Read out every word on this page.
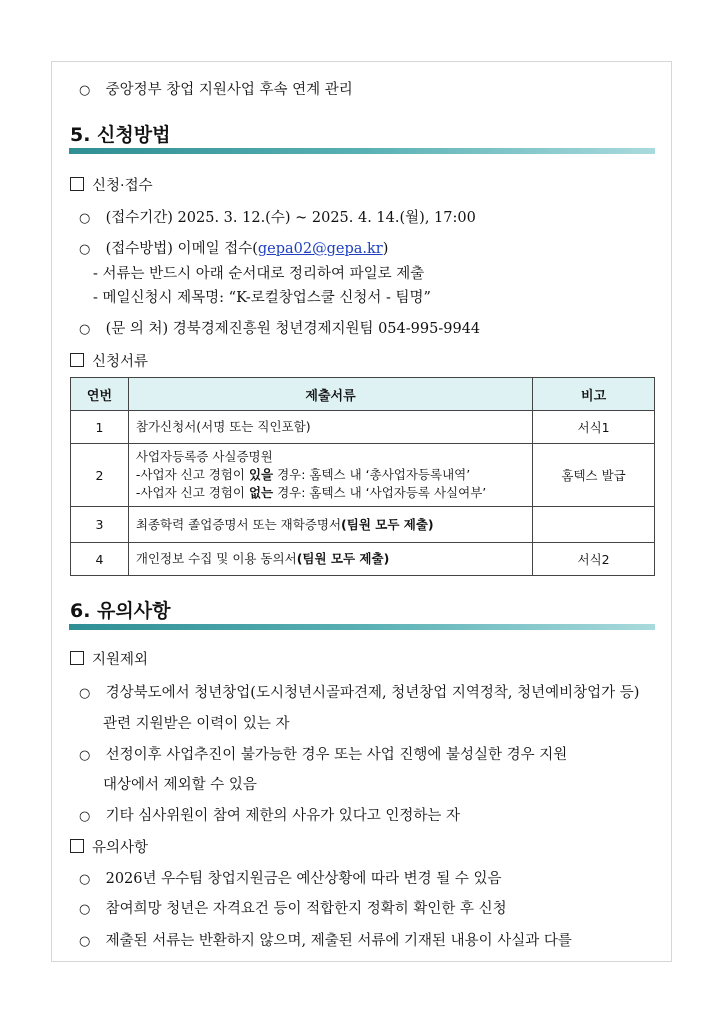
○ 중앙정부 창업 지원사업 후속 연계 관리
5. 신청방법
신청·접수
○ (접수기간) 2025. 3. 12.(수) ~ 2025. 4. 14.(월), 17:00
○ (접수방법) 이메일 접수(gepa02@gepa.kr)
- 서류는 반드시 아래 순서대로 정리하여 파일로 제출
- 메일신청시 제목명: “K-로컬창업스쿨 신청서 - 팀명”
○ (문 의 처) 경북경제진흥원 청년경제지원팀 054-995-9944
신청서류
연번	제출서류	비고
1	참가신청서(서명 또는 직인포함)	서식1
2	사업자등록증 사실증명원
-사업자 신고 경험이 있을 경우: 홈텍스 내 ‘총사업자등록내역’
-사업자 신고 경험이 없는 경우: 홈텍스 내 ‘사업자등록 사실여부’	홈텍스 발급
3	최종학력 졸업증명서 또는 재학증명서(팀원 모두 제출)	
4	개인정보 수집 및 이용 동의서(팀원 모두 제출)	서식2
6. 유의사항
지원제외
○ 경상북도에서 청년창업(도시청년시골파견제, 청년창업 지역정착, 청년예비창업가 등)
관련 지원받은 이력이 있는 자
○ 선정이후 사업추진이 불가능한 경우 또는 사업 진행에 불성실한 경우 지원
대상에서 제외할 수 있음
○ 기타 심사위원이 참여 제한의 사유가 있다고 인정하는 자
유의사항
○ 2026년 우수팀 창업지원금은 예산상황에 따라 변경 될 수 있음
○ 참여희망 청년은 자격요건 등이 적합한지 정확히 확인한 후 신청
○ 제출된 서류는 반환하지 않으며, 제출된 서류에 기재된 내용이 사실과 다를
